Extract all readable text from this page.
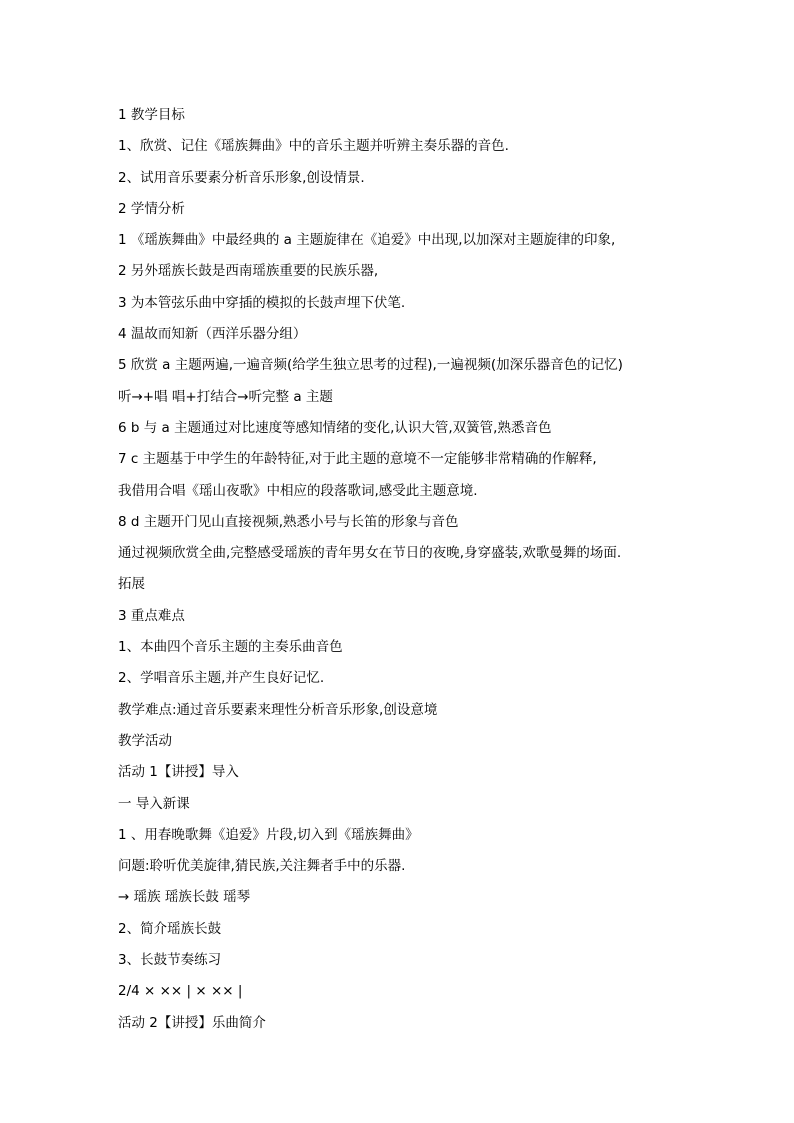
1 教学目标
1、欣赏、记住《瑶族舞曲》中的音乐主题并听辨主奏乐器的音色.
2、试用音乐要素分析音乐形象,创设情景.
2 学情分析
1 《瑶族舞曲》中最经典的 a 主题旋律在《追爱》中出现,以加深对主题旋律的印象,
2 另外瑶族长鼓是西南瑶族重要的民族乐器,
3 为本管弦乐曲中穿插的模拟的长鼓声埋下伏笔.
4 温故而知新（西洋乐器分组）
5 欣赏 a 主题两遍,一遍音频(给学生独立思考的过程),一遍视频(加深乐器音色的记忆)
听→+唱 唱+打结合→听完整 a 主题
6 b 与 a 主题通过对比速度等感知情绪的变化,认识大管,双簧管,熟悉音色
7 c 主题基于中学生的年龄特征,对于此主题的意境不一定能够非常精确的作解释,
我借用合唱《瑶山夜歌》中相应的段落歌词,感受此主题意境.
8 d 主题开门见山直接视频,熟悉小号与长笛的形象与音色
通过视频欣赏全曲,完整感受瑶族的青年男女在节日的夜晚,身穿盛装,欢歌曼舞的场面.
拓展
3 重点难点
1、本曲四个音乐主题的主奏乐曲音色
2、学唱音乐主题,并产生良好记忆.
教学难点:通过音乐要素来理性分析音乐形象,创设意境
教学活动
活动 1【讲授】导入
一 导入新课
1 、用春晚歌舞《追爱》片段,切入到《瑶族舞曲》
问题:聆听优美旋律,猜民族,关注舞者手中的乐器.
→ 瑶族 瑶族长鼓 瑶琴
2、简介瑶族长鼓
3、长鼓节奏练习
2/4 × ×× | × ×× |
活动 2【讲授】乐曲简介
